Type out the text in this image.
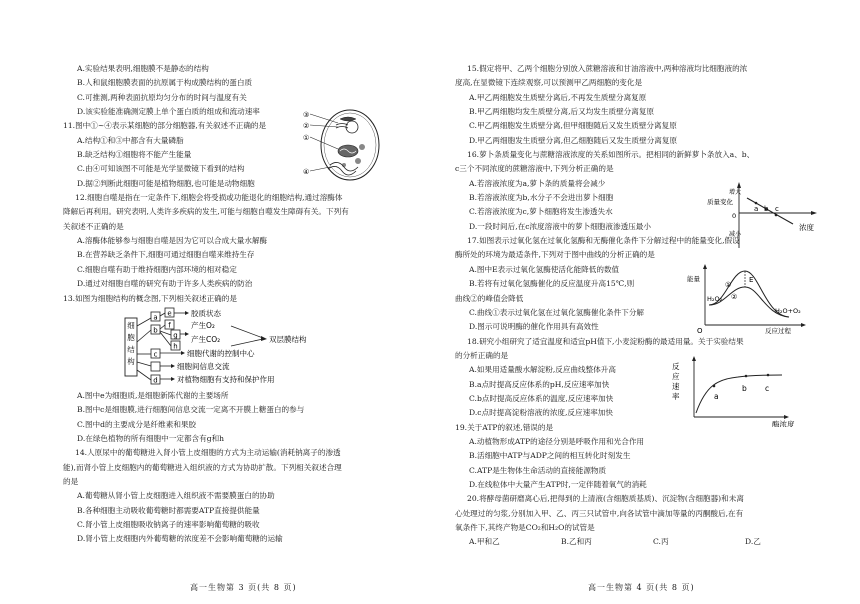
A.实验结果表明,细胞膜不是静态的结构
B.人和鼠细胞膜表面的抗原属于构成膜结构的蛋白质
C.可推测,两种表面抗原均匀分布的时间与温度有关
D.该实验能准确测定膜上单个蛋白质的组成和流动速率
11.图中①~④表示某细胞的部分细胞器,有关叙述不正确的是
A.结构①和③中都含有大量磷脂
B.缺乏结构①细胞将不能产生能量
C.由④可知该图不可能是光学显微镜下看到的结构
D.据②判断此细胞可能是植物细胞,也可能是动物细胞
12.细胞自噬是指在一定条件下,细胞会将受损或功能退化的细胞结构,通过溶酶体
降解后再利用。研究表明,人类许多疾病的发生,可能与细胞自噬发生障碍有关。下列有
关叙述不正确的是
A.溶酶体能够参与细胞自噬是因为它可以合成大量水解酶
B.在营养缺乏条件下,细胞可通过细胞自噬来维持生存
C.细胞自噬有助于维持细胞内部环境的相对稳定
D.通过对细胞自噬的研究有助于许多人类疾病的防治
13.如图为细胞结构的概念图,下列相关叙述正确的是
细
胞
结
构
a
b
c
d
e
f
g
h
胶质状态
产生O₂
产生CO₂	双层膜结构
细胞代谢的控制中心
细胞间信息交流
对植物细胞有支持和保护作用
A.图中e为细胞质,是细胞新陈代谢的主要场所
B.图中c是细胞膜,进行细胞间信息交流一定离不开膜上糖蛋白的参与
C.图中d的主要成分是纤维素和果胶
D.在绿色植物的所有细胞中一定都含有g和h
14.人原尿中的葡萄糖进入肾小管上皮细胞的方式为主动运输(消耗钠离子的渗透
能),而肾小管上皮细胞内的葡萄糖进入组织液的方式为协助扩散。下列相关叙述合理
的是
A.葡萄糖从肾小管上皮细胞进入组织液不需要膜蛋白的协助
B.各种细胞主动吸收葡萄糖时都需要ATP直接提供能量
C.肾小管上皮细胞吸收钠离子的速率影响葡萄糖的吸收
D.肾小管上皮细胞内外葡萄糖的浓度差不会影响葡萄糖的运输
③
②
①
④
15.假定将甲、乙两个细胞分别放入蔗糖溶液和甘油溶液中,两种溶液均比细胞液的浓
度高,在显微镜下连续观察,可以预测甲乙两细胞的变化是
A.甲乙两细胞发生质壁分离后,不再发生质壁分离复原
B.甲乙两细胞均发生质壁分离,后又均发生质壁分离复原
C.甲乙两细胞发生质壁分离,但甲细胞随后又发生质壁分离复原
D.甲乙两细胞发生质壁分离,但乙细胞随后又发生质壁分离复原
16.萝卜条质量变化与蔗糖溶液浓度的关系如图所示。把相同的新鲜萝卜条放入a、b、
c三个不同浓度的蔗糖溶液中,下列分析正确的是
A.若溶液浓度为a,萝卜条的质量将会减少
B.若溶液浓度为b,水分子不会进出萝卜细胞
C.若溶液浓度为c,萝卜细胞将发生渗透失水
D.一段时间后,在c浓度溶液中的萝卜细胞液渗透压最小
17.如图表示过氧化氢在过氧化氢酶和无酶催化条件下分解过程中的能量变化,假设
酶所处的环境为最适条件,下列对于图中曲线的分析正确的是
A.图中E表示过氧化氢酶使活化能降低的数值
B.若将有过氧化氢酶催化的反应温度升高15℃,则
曲线②的峰值会降低
C.曲线①表示过氧化氢在过氧化氢酶催化条件下分解
D.图示可说明酶的催化作用具有高效性
18.研究小组研究了适宜温度和适宜pH值下,小麦淀粉酶的最适用量。关于实验结果
的分析正确的是
A.如果用适量酸水解淀粉,反应曲线整体升高
B.a点时提高反应体系的pH,反应速率加快
C.b点时提高反应体系的温度,反应速率加快
D.c点时提高淀粉溶液的浓度,反应速率加快
19.关于ATP的叙述,错误的是
A.动植物形成ATP的途径分别是呼吸作用和光合作用
B.活细胞中ATP与ADP之间的相互转化时刻发生
C.ATP是生物体生命活动的直接能源物质
D.在线粒体中大量产生ATP时,一定伴随着氧气的消耗
20.将酵母菌研磨离心后,把得到的上清液(含细胞质基质)、沉淀物(含细胞器)和未离
心处理过的匀浆,分别加入甲、乙、丙三只试管中,向各试管中滴加等量的丙酮酸后,在有
氧条件下,其终产物是CO₂和H₂O的试管是
A.甲和乙	B.乙和丙	C.丙	D.乙
a b c
质量变化
增大
减小
0
浓度
E
能量
H₂O₂
H₂O+O₂
①
②
O	反应过程
a
b c
反
应
速
率
酶浓度
高一生物第 3 页(共 8 页)	高一生物第 4 页(共 8 页)
